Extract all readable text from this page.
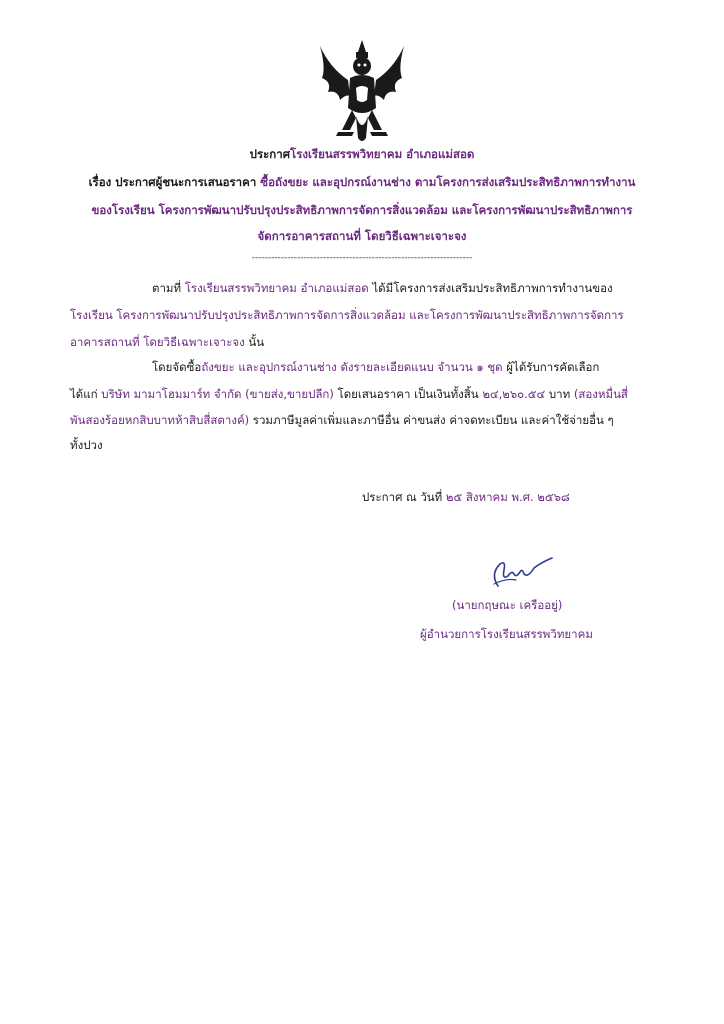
ประกาศโรงเรียนสรรพวิทยาคม อำเภอแม่สอด
เรื่อง ประกาศผู้ชนะการเสนอราคา ซื้อถังขยะ และอุปกรณ์งานช่าง ตามโครงการส่งเสริมประสิทธิภาพการทำงาน
ของโรงเรียน โครงการพัฒนาปรับปรุงประสิทธิภาพการจัดการสิ่งแวดล้อม และโครงการพัฒนาประสิทธิภาพการ
จัดการอาคารสถานที่ โดยวิธีเฉพาะเจาะจง
--------------------------------------------------------------------
ตามที่ โรงเรียนสรรพวิทยาคม อำเภอแม่สอด ได้มีโครงการส่งเสริมประสิทธิภาพการทำงานของ
โรงเรียน โครงการพัฒนาปรับปรุงประสิทธิภาพการจัดการสิ่งแวดล้อม และโครงการพัฒนาประสิทธิภาพการจัดการ
อาคารสถานที่ โดยวิธีเฉพาะเจาะจง นั้น
โดยจัดซื้อถังขยะ และอุปกรณ์งานช่าง ดังรายละเอียดแนบ จำนวน ๑ ชุด ผู้ได้รับการคัดเลือก
ได้แก่ บริษัท มามาโฮมมาร์ท จำกัด (ขายส่ง,ขายปลีก) โดยเสนอราคา เป็นเงินทั้งสิ้น ๒๔,๒๖๐.๕๔ บาท (สองหมื่นสี่
พันสองร้อยหกสิบบาทห้าสิบสี่สตางค์) รวมภาษีมูลค่าเพิ่มและภาษีอื่น ค่าขนส่ง ค่าจดทะเบียน และค่าใช้จ่ายอื่น ๆ
ทั้งปวง
ประกาศ ณ วันที่ ๒๕ สิงหาคม พ.ศ. ๒๕๖๘
(นายกฤษณะ เครืออยู่)
ผู้อำนวยการโรงเรียนสรรพวิทยาคม
